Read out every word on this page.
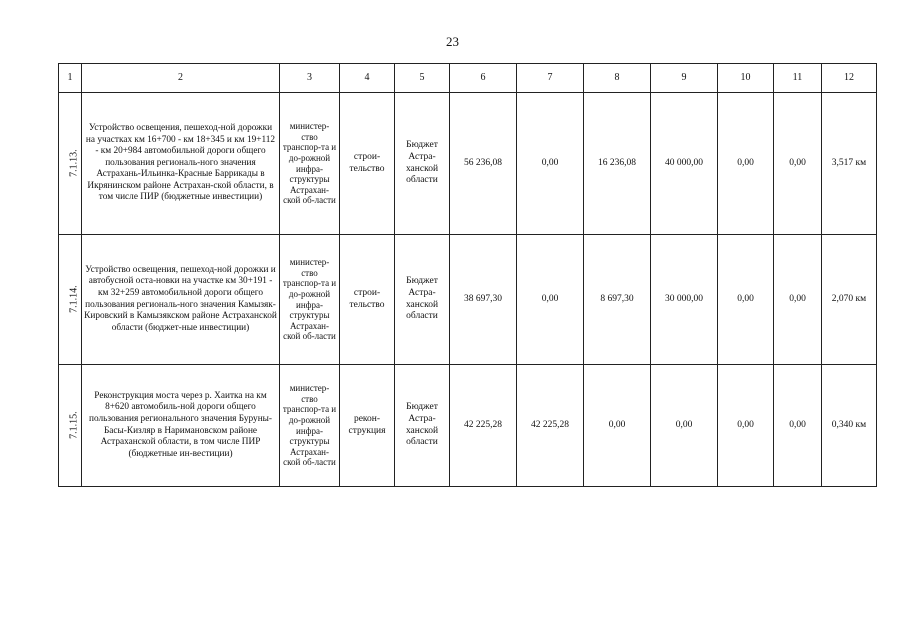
23
1	2	3	4	5	6	7	8	9	10	11	12
7.1.13.	Устройство освещения, пешеход-ной дорожки на участках км 16+700 - км 18+345 и км 19+112 - км 20+984 автомобильной дороги общего пользования региональ-ного значения Астрахань-Ильинка-Красные Баррикады в Икрянинском районе Астрахан-ской области, в том числе ПИР (бюджетные инвестиции)	министер-ство транспор-та и до-рожной инфра-структуры Астрахан-ской об-ласти	строи-тельство	Бюджет Астра-ханской области	56 236,08	0,00	16 236,08	40 000,00	0,00	0,00	3,517 км
7.1.14.	Устройство освещения, пешеход-ной дорожки и автобусной оста-новки на участке км 30+191 - км 32+259 автомобильной дороги общего пользования региональ-ного значения Камызяк-Кировский в Камызякском районе Астраханской области (бюджет-ные инвестиции)	министер-ство транспор-та и до-рожной инфра-структуры Астрахан-ской об-ласти	строи-тельство	Бюджет Астра-ханской области	38 697,30	0,00	8 697,30	30 000,00	0,00	0,00	2,070 км
7.1.15.	Реконструкция моста через р. Хаитка на км 8+620 автомобиль-ной дороги общего пользования регионального значения Буруны-Басы-Кизляр в Наримановском районе Астраханской области, в том числе ПИР (бюджетные ин-вестиции)	министер-ство транспор-та и до-рожной инфра-структуры Астрахан-ской об-ласти	рекон-струкция	Бюджет Астра-ханской области	42 225,28	42 225,28	0,00	0,00	0,00	0,00	0,340 км
